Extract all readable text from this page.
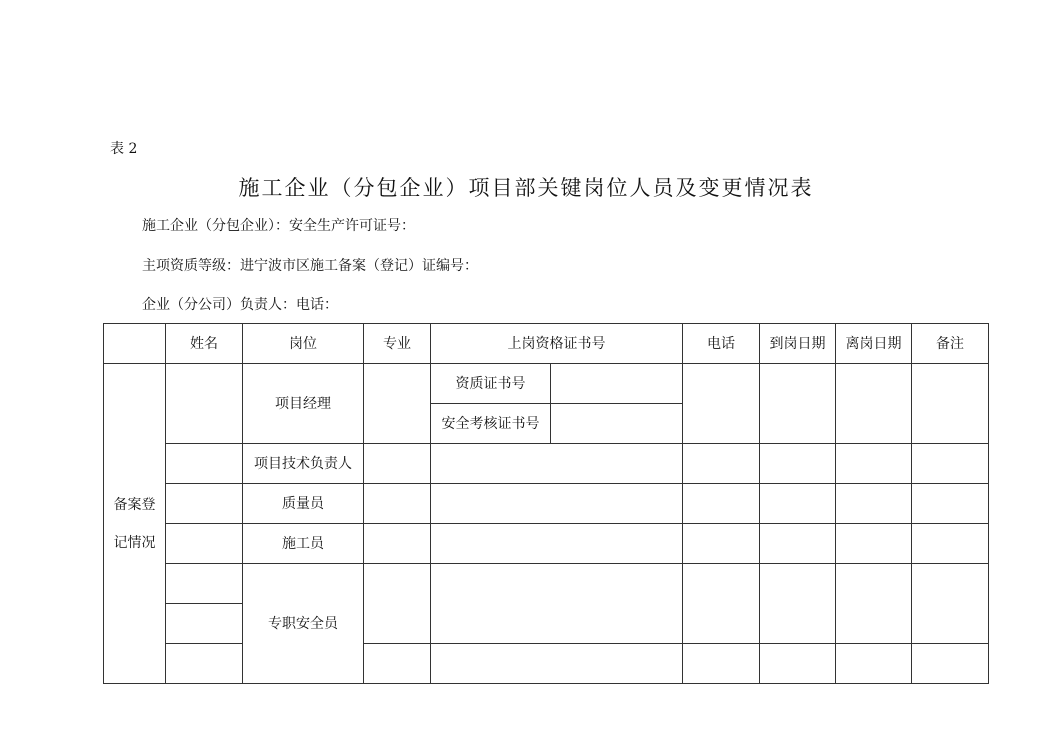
表 2
施工企业（分包企业）项目部关键岗位人员及变更情况表
施工企业（分包企业）：安全生产许可证号：
主项资质等级：进宁波市区施工备案（登记）证编号：
企业（分公司）负责人：电话：
	姓名	岗位	专业	上岗资格证书号		电话	到岗日期	离岗日期	备注

备案登
记情况		项目经理		资质证书号					
				安全考核证书号					
		项目技术负责人							
		质量员							
		施工员							
		专职安全员							
